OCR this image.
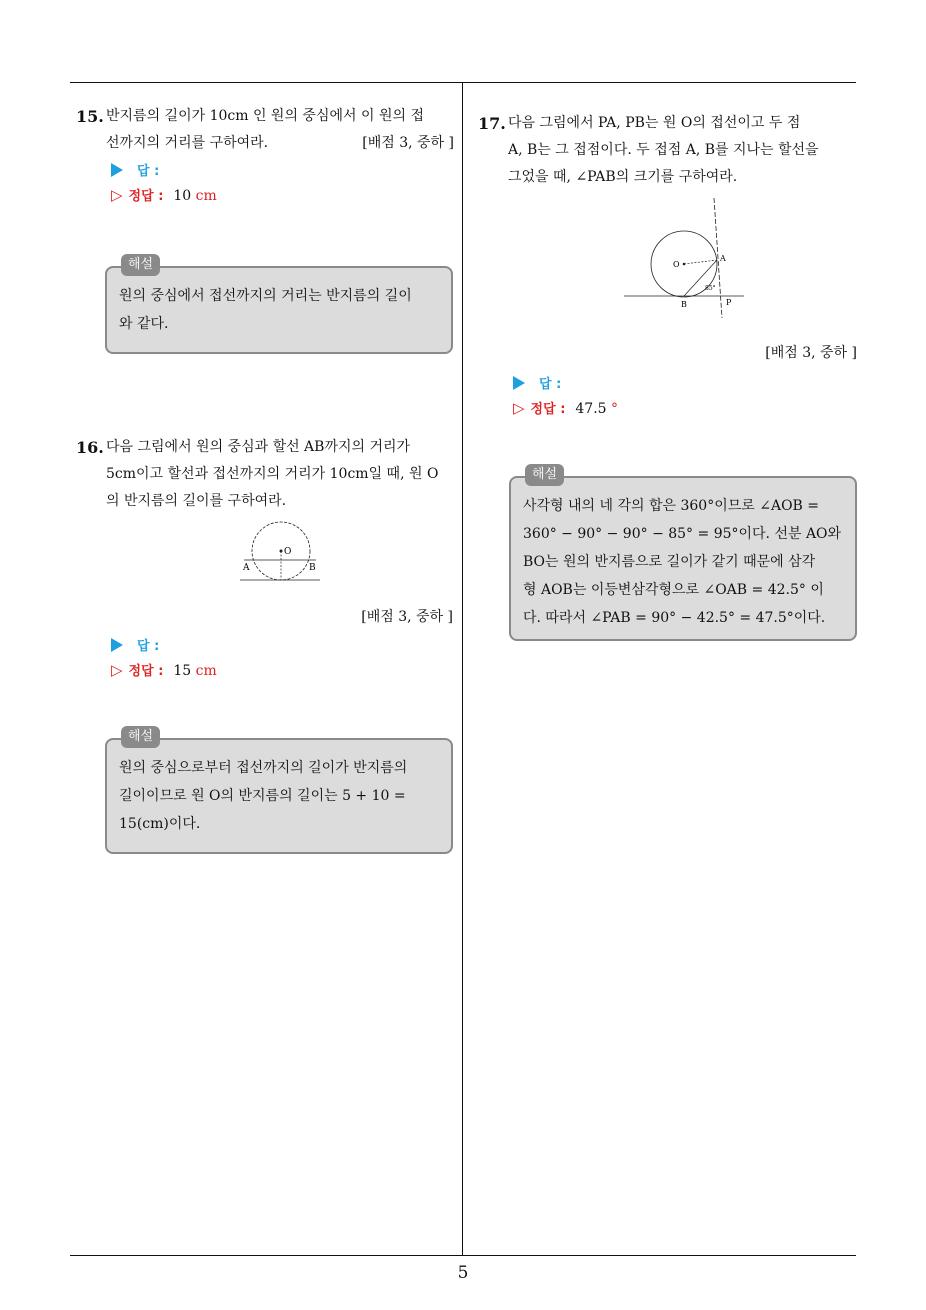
15. 반지름의 길이가 10cm 인 원의 중심에서 이 원의 접
선까지의 거리를 구하여라.	[배점 3, 중하 ]
답 :
▷ 정답 : 10 cm
해설
원의 중심에서 접선까지의 거리는 반지름의 길이
와 같다.
16. 다음 그림에서 원의 중심과 할선 AB까지의 거리가
5cm이고 할선과 접선까지의 거리가 10cm일 때, 원 O
의 반지름의 길이를 구하여라.
O
A	B
[배점 3, 중하 ]
답 :
▷ 정답 : 15 cm
해설
원의 중심으로부터 접선까지의 길이가 반지름의
길이이므로 원 O의 반지름의 길이는 5 + 10 =
15(cm)이다.
17. 다음 그림에서 PA, PB는 원 O의 접선이고 두 점
A, B는 그 접점이다. 두 접점 A, B를 지나는 할선을
그었을 때, ∠PAB의 크기를 구하여라.
O
A
B	P
85°
[배점 3, 중하 ]
답 :
▷ 정답 : 47.5 °
해설
사각형 내의 네 각의 합은 360°이므로 ∠AOB =
360° − 90° − 90° − 85° = 95°이다. 선분 AO와
BO는 원의 반지름으로 길이가 같기 때문에 삼각
형 AOB는 이등변삼각형으로 ∠OAB = 42.5° 이
다. 따라서 ∠PAB = 90° − 42.5° = 47.5°이다.
5
